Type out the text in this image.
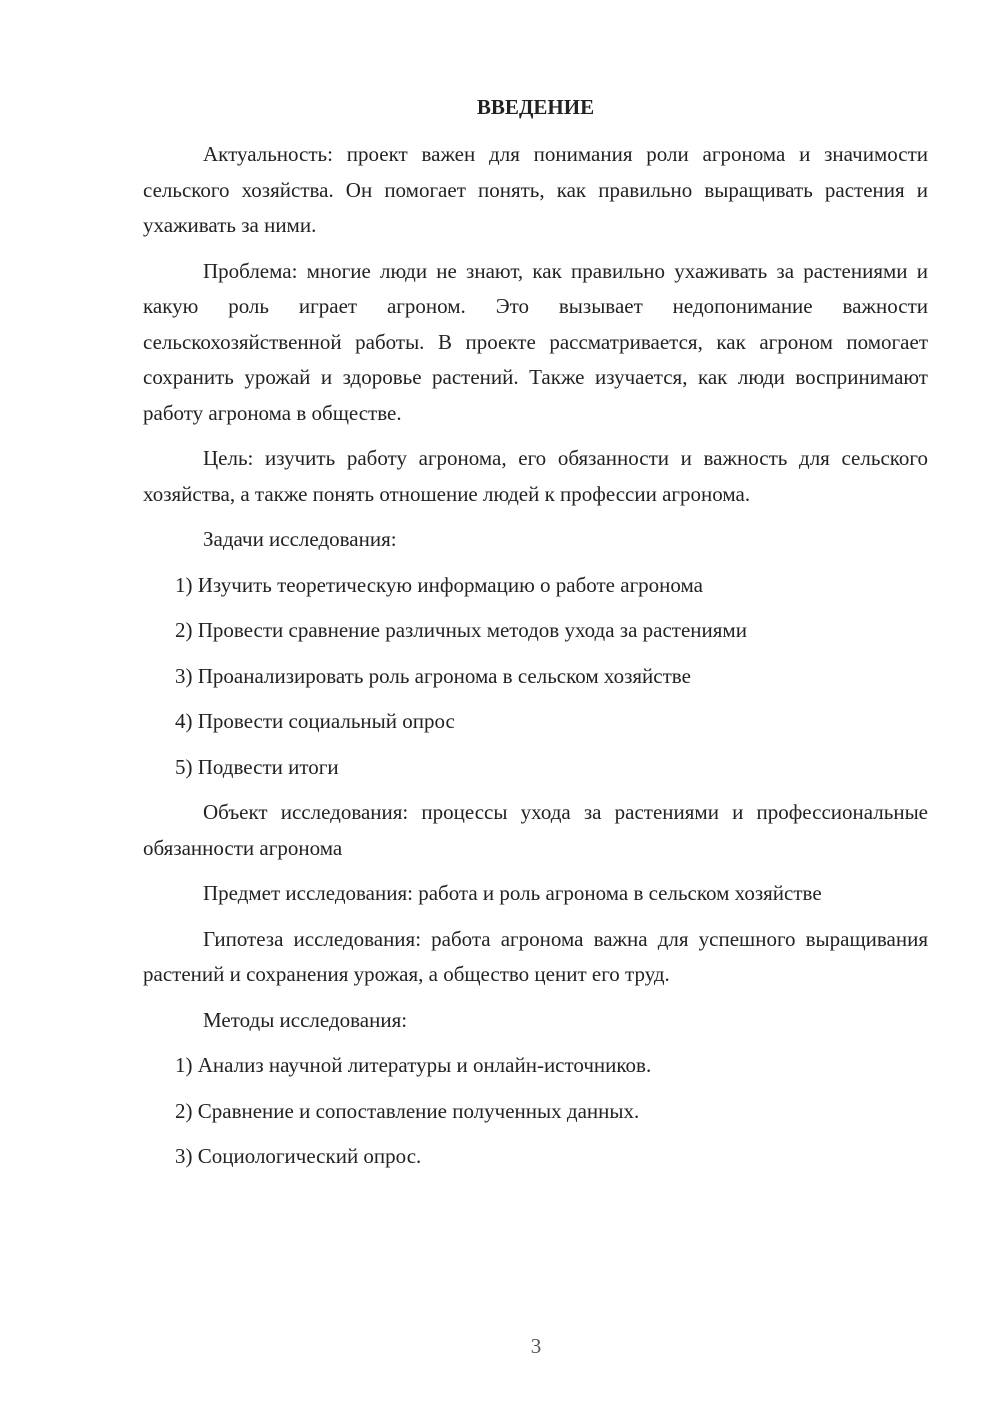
ВВЕДЕНИЕ

Актуальность: проект важен для понимания роли агронома и значимости сельского хозяйства. Он помогает понять, как правильно выращивать растения и ухаживать за ними.

Проблема: многие люди не знают, как правильно ухаживать за растениями и какую роль играет агроном. Это вызывает недопонимание важности сельскохозяйственной работы. В проекте рассматривается, как агроном помогает сохранить урожай и здоровье растений. Также изучается, как люди воспринимают работу агронома в обществе.

Цель: изучить работу агронома, его обязанности и важность для сельского хозяйства, а также понять отношение людей к профессии агронома.

Задачи исследования:

1) Изучить теоретическую информацию о работе агронома
2) Провести сравнение различных методов ухода за растениями
3) Проанализировать роль агронома в сельском хозяйстве
4) Провести социальный опрос
5) Подвести итоги

Объект исследования: процессы ухода за растениями и профессиональные обязанности агронома

Предмет исследования: работа и роль агронома в сельском хозяйстве

Гипотеза исследования: работа агронома важна для успешного выращивания растений и сохранения урожая, а общество ценит его труд.

Методы исследования:

1) Анализ научной литературы и онлайн-источников.
2) Сравнение и сопоставление полученных данных.
3) Социологический опрос.
3
